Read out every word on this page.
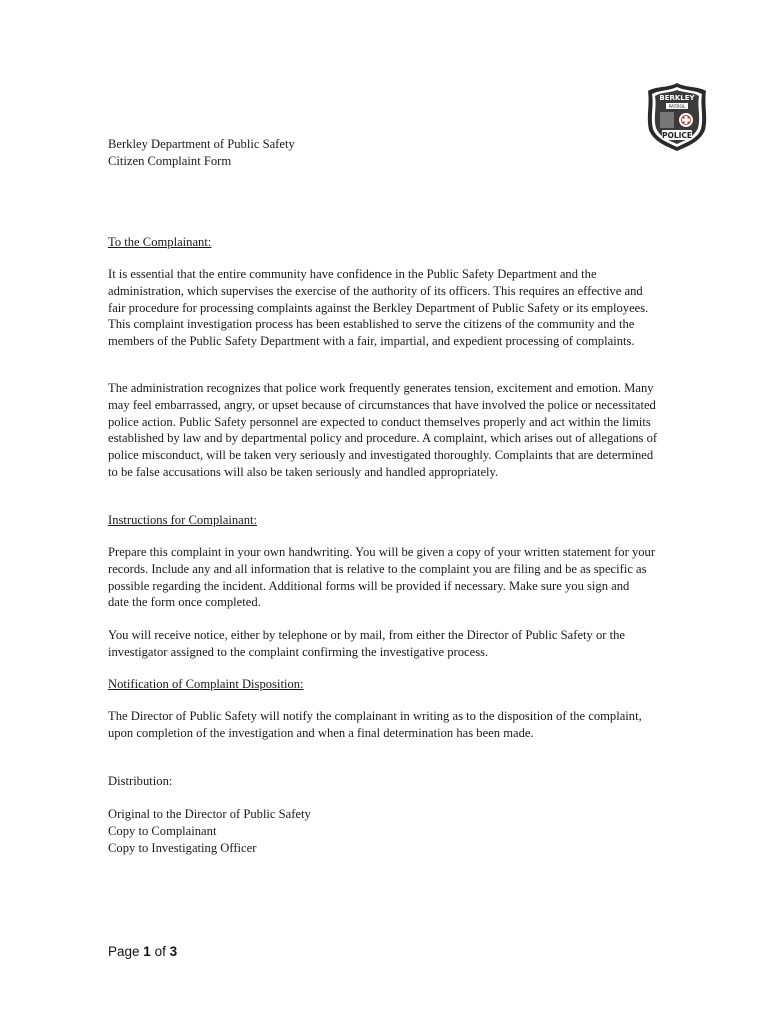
BERKLEY
PATROL
POLICE
Berkley Department of Public Safety
Citizen Complaint Form
To the Complainant:
It is essential that the entire community have confidence in the Public Safety Department and the
administration, which supervises the exercise of the authority of its officers. This requires an effective and
fair procedure for processing complaints against the Berkley Department of Public Safety or its employees.
This complaint investigation process has been established to serve the citizens of the community and the
members of the Public Safety Department with a fair, impartial, and expedient processing of complaints.
The administration recognizes that police work frequently generates tension, excitement and emotion. Many
may feel embarrassed, angry, or upset because of circumstances that have involved the police or necessitated
police action. Public Safety personnel are expected to conduct themselves properly and act within the limits
established by law and by departmental policy and procedure. A complaint, which arises out of allegations of
police misconduct, will be taken very seriously and investigated thoroughly. Complaints that are determined
to be false accusations will also be taken seriously and handled appropriately.
Instructions for Complainant:
Prepare this complaint in your own handwriting. You will be given a copy of your written statement for your
records. Include any and all information that is relative to the complaint you are filing and be as specific as
possible regarding the incident. Additional forms will be provided if necessary. Make sure you sign and
date the form once completed.
You will receive notice, either by telephone or by mail, from either the Director of Public Safety or the
investigator assigned to the complaint confirming the investigative process.
Notification of Complaint Disposition:
The Director of Public Safety will notify the complainant in writing as to the disposition of the complaint,
upon completion of the investigation and when a final determination has been made.
Distribution:
Original to the Director of Public Safety
Copy to Complainant
Copy to Investigating Officer
Page 1 of 3
